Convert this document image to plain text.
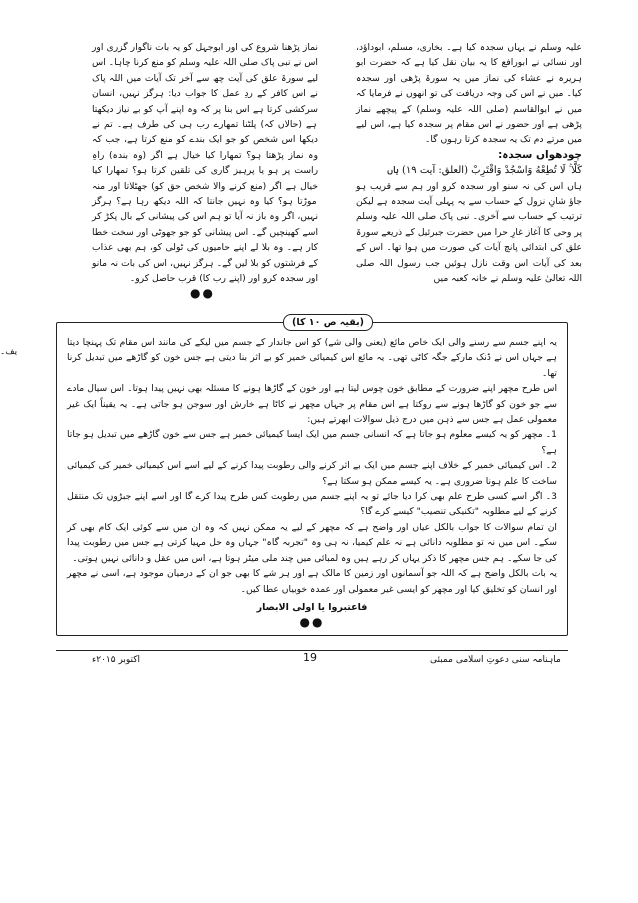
علیہ وسلم نے یہاں سجدہ کیا ہے۔ بخاری، مسلم، ابوداؤد، اور نسائی نے ابورافع کا یہ بیان نقل کیا ہے کہ حضرت ابو ہریرہ نے عشاء کی نماز میں یہ سورۃ پڑھی اور سجدہ کیا۔ میں نے اس کی وجہ دریافت کی تو انھوں نے فرمایا کہ میں نے ابوالقاسم (صلی اللہ علیہ وسلم) کے پیچھے نماز پڑھی ہے اور حضور نے اس مقام پر سجدہ کیا ہے، اس لیے میں مرتے دم تک یہ سجدہ کرتا رہوں گا۔

چودھواں سجدہ:

كَلَّا ۚ لَا تُطِعْهُ وَاسْجُدْ وَاقْتَرِبْ (العلق: آیت ۱۹) ہاں

ہاں اس کی نہ سنو اور سجدہ کرو اور ہم سے قریب ہو جاؤ شانِ نزول کے حساب سے یہ پہلی آیت سجدہ ہے لیکن ترتیب کے حساب سے آخری۔ نبی پاک صلی اللہ علیہ وسلم پر وحی کا آغاز غارِ حرا میں حضرت جبرئیل کے ذریعے سورۃ علق کی ابتدائی پانچ آیات کی صورت میں ہوا تھا۔ اس کے بعد کی آیات اس وقت نازل ہوئیں جب رسول اللہ صلی اللہ تعالیٰ علیہ وسلم نے خانہ کعبہ میں

نماز پڑھنا شروع کی اور ابوجہل کو یہ بات ناگوار گزری اور اس نے نبی پاک صلی اللہ علیہ وسلم کو منع کرنا چاہا۔ اس لیے سورۃ علق کی آیت چھ سے آخر تک آیات میں اللہ پاک نے اس کافر کے ردِ عمل کا جواب دیا: ہرگز نہیں، انسان سرکشی کرتا ہے اس بنا پر کہ وہ اپنے آپ کو بے نیاز دیکھتا ہے (حالاں کہ) پلٹنا تمھارے رب ہی کی طرف ہے۔ تم نے دیکھا اس شخص کو جو ایک بندے کو منع کرتا ہے، جب کہ وہ نماز پڑھتا ہو؟ تمھارا کیا خیال ہے اگر (وہ بندہ) راہِ راست پر ہو یا پرہیز گاری کی تلقین کرتا ہو؟ تمھارا کیا خیال ہے اگر (منع کرنے والا شخص حق کو) جھٹلاتا اور منہ موڑتا ہو؟ کیا وہ نہیں جانتا کہ اللہ دیکھ رہا ہے؟ ہرگز نہیں، اگر وہ باز نہ آیا تو ہم اس کی پیشانی کے بال پکڑ کر اسے کھینچیں گے۔ اس پیشانی کو جو جھوٹی اور سخت خطا کار ہے۔ وہ بلا لے اپنے حامیوں کی ٹولی کو، ہم بھی عذاب کے فرشتوں کو بلا لیں گے۔ ہرگز نہیں، اس کی بات نہ مانو اور سجدہ کرو اور (اپنے رب کا) قرب حاصل کرو۔

●●
(بقیہ ص ۱۰ کا)

یہ اپنے جسم سے رسنے والی ایک خاص مائع (یعنی والی شے) کو اس جاندار کے جسم میں لیکے کی مانند اس مقام تک پہنچا دیتا ہے جہاں اس نے ڈنک مارکے جگہ کاٹی تھی۔ یہ مائع اس کیمیائی خمیر کو بے اثر بنا دیتی ہے جس خون کو گاڑھے میں تبدیل کرنا تھا۔

اس طرح مچھر اپنے ضرورت کے مطابق خون چوس لیتا ہے اور خون کے گاڑھا ہونے کا مسئلہ بھی نہیں پیدا ہوتا۔ اس سیال مادے سے جو خون کو گاڑھا ہونے سے روکتا ہے اس مقام پر جہاں مچھر نے کاٹا ہے خارش اور سوجن ہو جاتی ہے۔ یہ یقیناً ایک غیر معمولی عمل ہے جس سے ذہن میں درج ذیل سوالات ابھرتے ہیں:

1۔ مچھر کو یہ کیسے معلوم ہو جاتا ہے کہ انسانی جسم میں ایک ایسا کیمیائی خمیر ہے جس سے خون گاڑھے میں تبدیل ہو جاتا ہے؟

2۔ اس کیمیائی خمیر کے خلاف اپنے جسم میں ایک بے اثر کرنے والی رطوبت پیدا کرنے کے لیے اسے اس کیمیائی خمیر کی کیمیائی ساخت کا علم ہونا ضروری ہے۔ یہ کیسے ممکن ہو سکتا ہے؟

3۔ اگر اسے کسی طرح علم بھی کرا دیا جائے تو یہ اپنے جسم میں رطوبت کس طرح پیدا کرے گا اور اسے اپنے جبڑوں تک منتقل کرنے کے لیے مطلوبہ "تکنیکی تنصیب" کیسے کرے گا؟

ان تمام سوالات کا جواب بالکل عیاں اور واضح ہے کہ مچھر کے لیے یہ ممکن نہیں کہ وہ ان میں سے کوئی ایک کام بھی کر سکے۔ اس میں نہ تو مطلوبہ دانائی ہے نہ علم کیمیا، نہ ہی وہ "تجربہ گاہ" جہاں وہ حل مہیا کرتی ہے جس میں رطوبت پیدا کی جا سکے۔ ہم جس مچھر کا ذکر یہاں کر رہے ہیں وہ لمبائی میں چند ملی میٹر ہوتا ہے، اس میں عقل و دانائی نہیں ہوتی۔

یہ بات بالکل واضح ہے کہ اللہ جو آسمانوں اور زمین کا مالک ہے اور ہر شے کا بھی جو ان کے درمیان موجود ہے، اسی نے مچھر اور انسان کو تخلیق کیا اور مچھر کو ایسی غیر معمولی اور عمدہ خوبیاں عطا کیں۔

فاعتبروا یا اولی الابصار
●●
اکتوبر ۲۰۱۵ء	19	ماہنامہ سنی دعوتِ اسلامی ممبئی
یف۔
